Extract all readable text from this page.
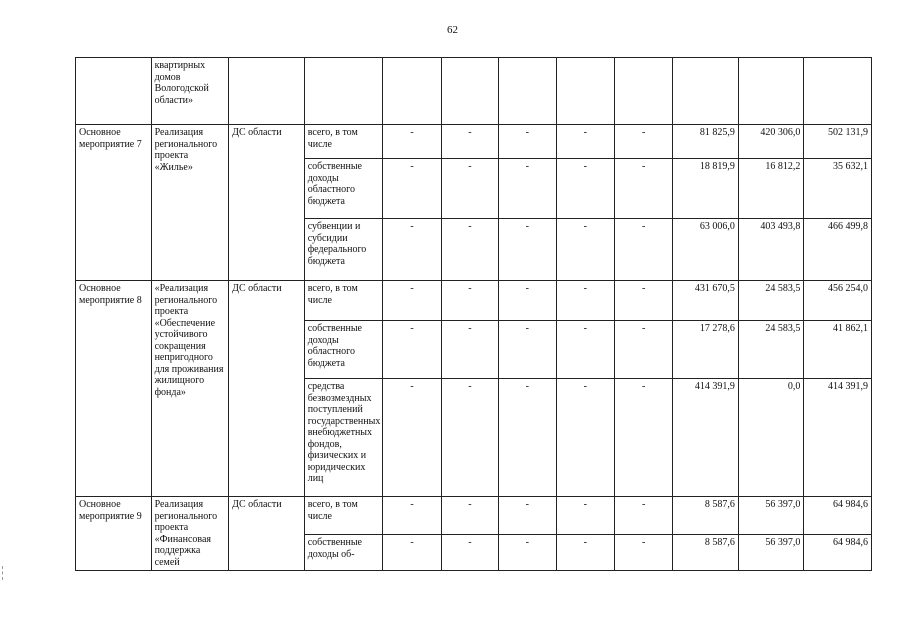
62
	квартирных домов Вологодской области»										
Основное мероприятие 7	Реализация регионального проекта «Жилье»	ДС области	всего, в том числе	-	-	-	-	-	81 825,9	420 306,0	502 131,9
			собственные доходы областного бюджета	-	-	-	-	-	18 819,9	16 812,2	35 632,1
			субвенции и субсидии федерального бюджета	-	-	-	-	-	63 006,0	403 493,8	466 499,8
Основное мероприятие 8	«Реализация регионального проекта «Обеспечение устойчивого сокращения непригодного для проживания жилищного фонда»	ДС области	всего, в том числе	-	-	-	-	-	431 670,5	24 583,5	456 254,0
			собственные доходы областного бюджета	-	-	-	-	-	17 278,6	24 583,5	41 862,1
			средства безвозмездных поступлений государственных внебюджетных фондов, физических и юридических лиц	-	-	-	-	-	414 391,9	0,0	414 391,9
Основное мероприятие 9	Реализация регионального проекта «Финансовая поддержка семей	ДС области	всего, в том числе	-	-	-	-	-	8 587,6	56 397,0	64 984,6
			собственные доходы об-	-	-	-	-	-	8 587,6	56 397,0	64 984,6
